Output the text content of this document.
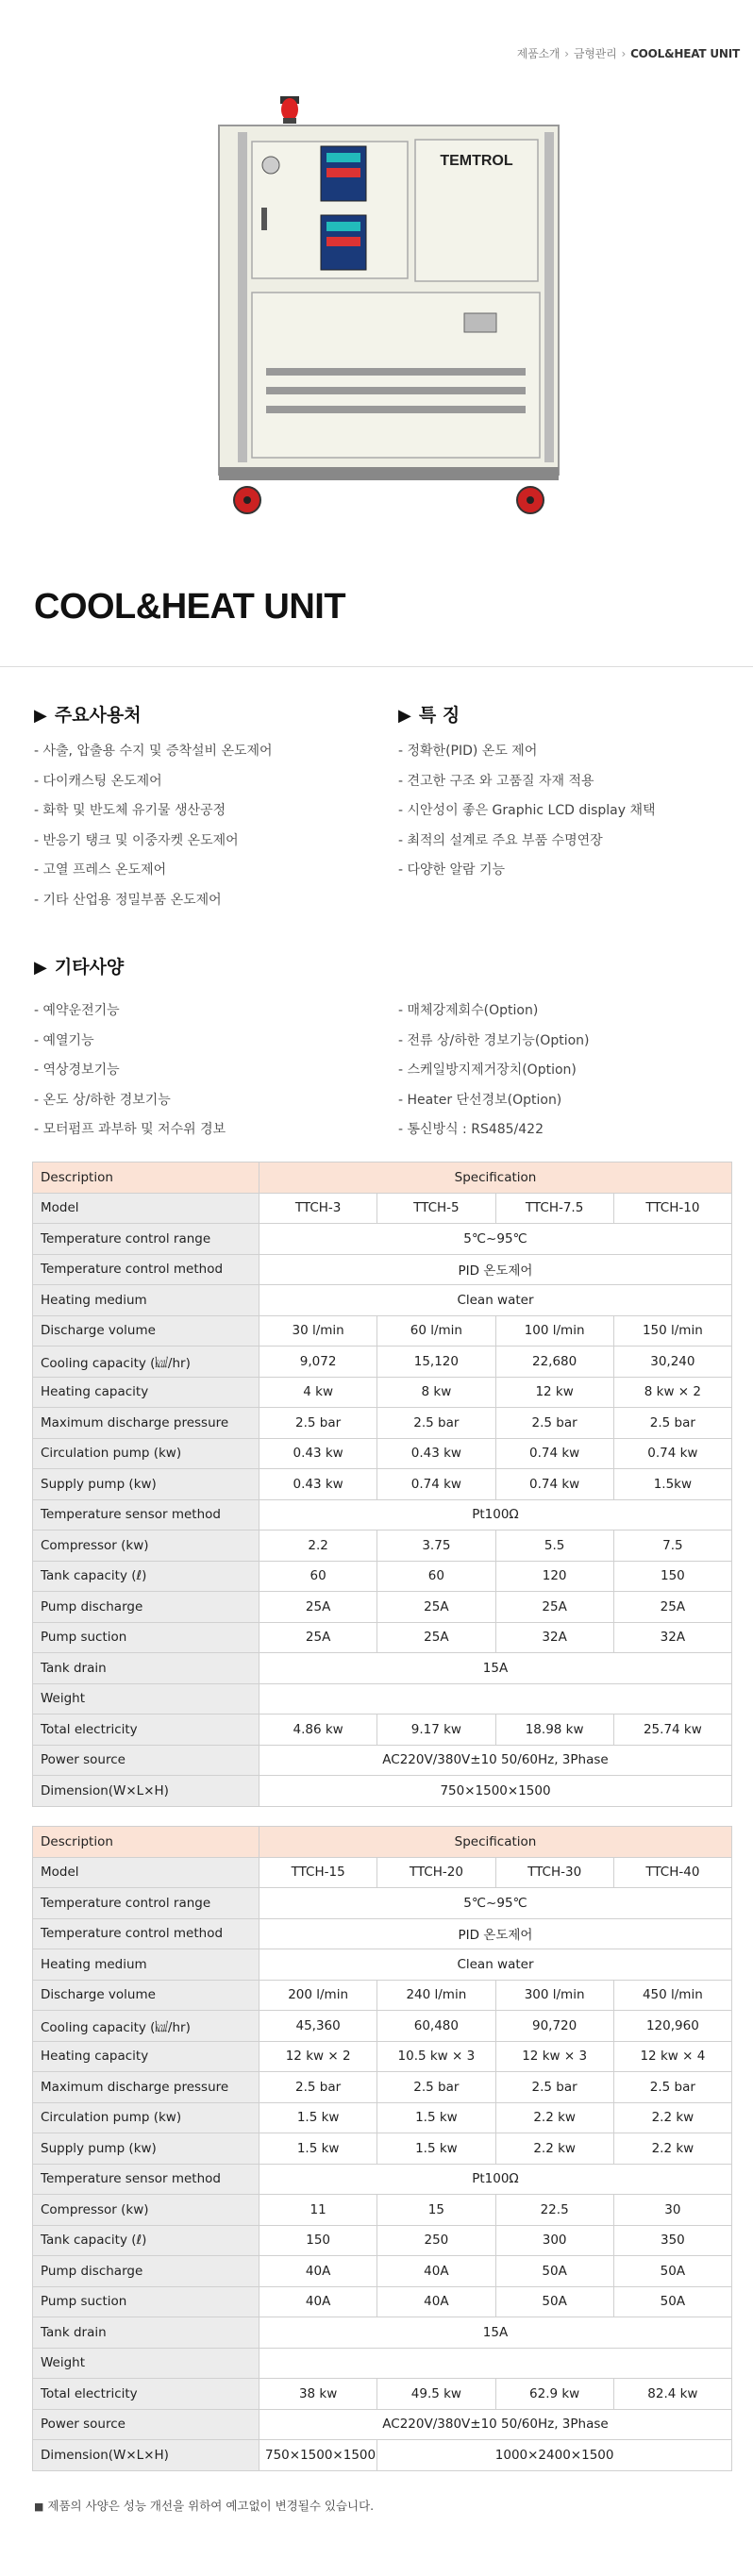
제품소개 › 금형관리 › COOL&HEAT UNIT
TEMTROL
COOL&HEAT UNIT
▶ 주요사용처
- 사출, 압출용 수지 및 증착설비 온도제어
- 다이캐스팅 온도제어
- 화학 및 반도체 유기물 생산공정
- 반응기 탱크 및 이중자켓 온도제어
- 고열 프레스 온도제어
- 기타 산업용 정밀부품 온도제어
▶ 특 징
- 정확한(PID) 온도 제어
- 견고한 구조 와 고품질 자재 적용
- 시안성이 좋은 Graphic LCD display 채택
- 최적의 설계로 주요 부품 수명연장
- 다양한 알람 기능
▶ 기타사양
- 예약운전기능
- 예열기능
- 역상경보기능
- 온도 상/하한 경보기능
- 모터펌프 과부하 및 저수위 경보
- 매체강제회수(Option)
- 전류 상/하한 경보기능(Option)
- 스케일방지제거장치(Option)
- Heater 단선경보(Option)
- 통신방식 : RS485/422
Description	Specification			
Model	TTCH-3	TTCH-5	TTCH-7.5	TTCH-10
Temperature control range	5℃~95℃			
Temperature control method	PID 온도제어			
Heating medium	Clean water			
Discharge volume	30 l/min	60 l/min	100 l/min	150 l/min
Cooling capacity (㎉/hr)	9,072	15,120	22,680	30,240
Heating capacity	4 kw	8 kw	12 kw	8 kw × 2
Maximum discharge pressure	2.5 bar	2.5 bar	2.5 bar	2.5 bar
Circulation pump (kw)	0.43 kw	0.43 kw	0.74 kw	0.74 kw
Supply pump (kw)	0.43 kw	0.74 kw	0.74 kw	1.5kw
Temperature sensor method	Pt100Ω			
Compressor (kw)	2.2	3.75	5.5	7.5
Tank capacity (ℓ)	60	60	120	150
Pump discharge	25A	25A	25A	25A
Pump suction	25A	25A	32A	32A
Tank drain	15A			
Weight				
Total electricity	4.86 kw	9.17 kw	18.98 kw	25.74 kw
Power source	AC220V/380V±10 50/60Hz, 3Phase			
Dimension(W×L×H)	750×1500×1500			
Description	Specification			
Model	TTCH-15	TTCH-20	TTCH-30	TTCH-40
Temperature control range	5℃~95℃			
Temperature control method	PID 온도제어			
Heating medium	Clean water			
Discharge volume	200 l/min	240 l/min	300 l/min	450 l/min
Cooling capacity (㎉/hr)	45,360	60,480	90,720	120,960
Heating capacity	12 kw × 2	10.5 kw × 3	12 kw × 3	12 kw × 4
Maximum discharge pressure	2.5 bar	2.5 bar	2.5 bar	2.5 bar
Circulation pump (kw)	1.5 kw	1.5 kw	2.2 kw	2.2 kw
Supply pump (kw)	1.5 kw	1.5 kw	2.2 kw	2.2 kw
Temperature sensor method	Pt100Ω			
Compressor (kw)	11	15	22.5	30
Tank capacity (ℓ)	150	250	300	350
Pump discharge	40A	40A	50A	50A
Pump suction	40A	40A	50A	50A
Tank drain	15A			
Weight				
Total electricity	38 kw	49.5 kw	62.9 kw	82.4 kw
Power source	AC220V/380V±10 50/60Hz, 3Phase			
Dimension(W×L×H)	750×1500×1500	1000×2400×1500		
■ 제품의 사양은 성능 개선을 위하여 예고없이 변경될수 있습니다.
